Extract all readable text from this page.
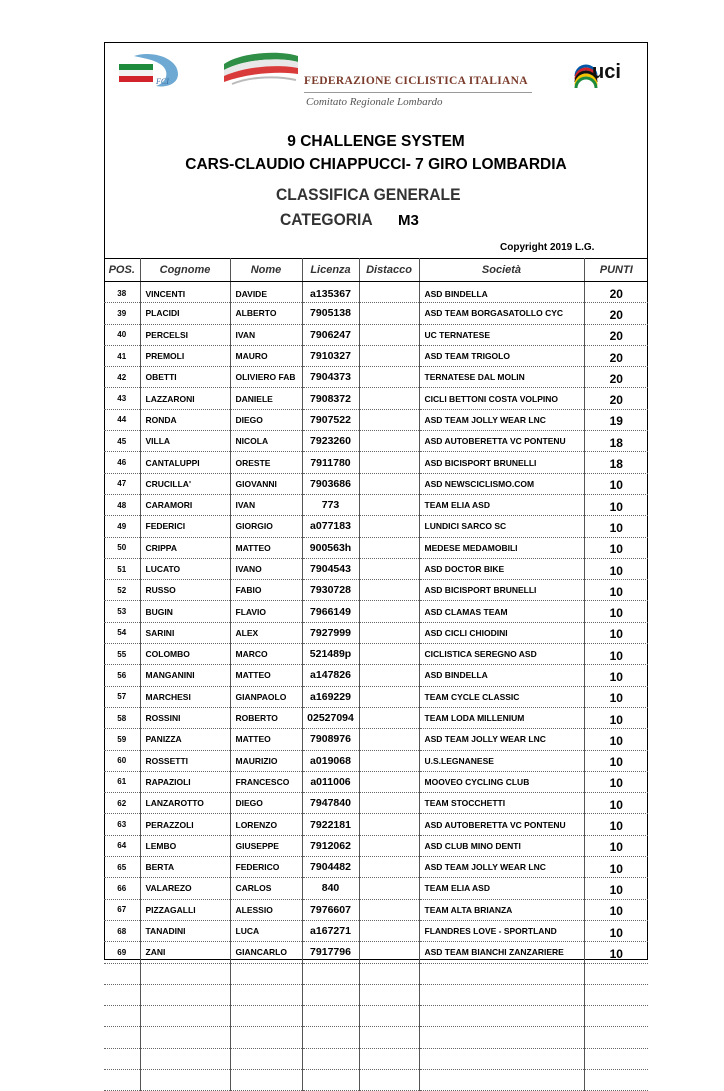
FCI	FEDERAZIONE CICLISTICA ITALIANA
Comitato Regionale Lombardo
uci
9 CHALLENGE SYSTEM
CARS-CLAUDIO CHIAPPUCCI- 7 GIRO LOMBARDIA
CLASSIFICA GENERALE
CATEGORIA M3
Copyright 2019 L.G.
POS.	Cognome	Nome	Licenza	Distacco	Società	PUNTI
38	VINCENTI	DAVIDE	a135367		ASD BINDELLA	20
39	PLACIDI	ALBERTO	7905138		ASD TEAM BORGASATOLLO CYC	20
40	PERCELSI	IVAN	7906247		UC TERNATESE	20
41	PREMOLI	MAURO	7910327		ASD TEAM TRIGOLO	20
42	OBETTI	OLIVIERO FAB	7904373		TERNATESE DAL MOLIN	20
43	LAZZARONI	DANIELE	7908372		CICLI BETTONI COSTA VOLPINO	20
44	RONDA	DIEGO	7907522		ASD TEAM JOLLY WEAR LNC	19
45	VILLA	NICOLA	7923260		ASD AUTOBERETTA VC PONTENU	18
46	CANTALUPPI	ORESTE	7911780		ASD BICISPORT BRUNELLI	18
47	CRUCILLA'	GIOVANNI	7903686		ASD NEWSCICLISMO.COM	10
48	CARAMORI	IVAN	773		TEAM ELIA ASD	10
49	FEDERICI	GIORGIO	a077183		LUNDICI SARCO SC	10
50	CRIPPA	MATTEO	900563h		MEDESE MEDAMOBILI	10
51	LUCATO	IVANO	7904543		ASD DOCTOR BIKE	10
52	RUSSO	FABIO	7930728		ASD BICISPORT BRUNELLI	10
53	BUGIN	FLAVIO	7966149		ASD CLAMAS TEAM	10
54	SARINI	ALEX	7927999		ASD CICLI CHIODINI	10
55	COLOMBO	MARCO	521489p		CICLISTICA SEREGNO ASD	10
56	MANGANINI	MATTEO	a147826		ASD BINDELLA	10
57	MARCHESI	GIANPAOLO	a169229		TEAM CYCLE CLASSIC	10
58	ROSSINI	ROBERTO	02527094		TEAM LODA MILLENIUM	10
59	PANIZZA	MATTEO	7908976		ASD TEAM JOLLY WEAR LNC	10
60	ROSSETTI	MAURIZIO	a019068		U.S.LEGNANESE	10
61	RAPAZIOLI	FRANCESCO	a011006		MOOVEO CYCLING CLUB	10
62	LANZAROTTO	DIEGO	7947840		TEAM STOCCHETTI	10
63	PERAZZOLI	LORENZO	7922181		ASD AUTOBERETTA VC PONTENU	10
64	LEMBO	GIUSEPPE	7912062		ASD CLUB MINO DENTI	10
65	BERTA	FEDERICO	7904482		ASD TEAM JOLLY WEAR LNC	10
66	VALAREZO	CARLOS	840		TEAM ELIA ASD	10
67	PIZZAGALLI	ALESSIO	7976607		TEAM ALTA BRIANZA	10
68	TANADINI	LUCA	a167271		FLANDRES LOVE - SPORTLAND	10
69	ZANI	GIANCARLO	7917796		ASD TEAM BIANCHI ZANZARIERE	10
